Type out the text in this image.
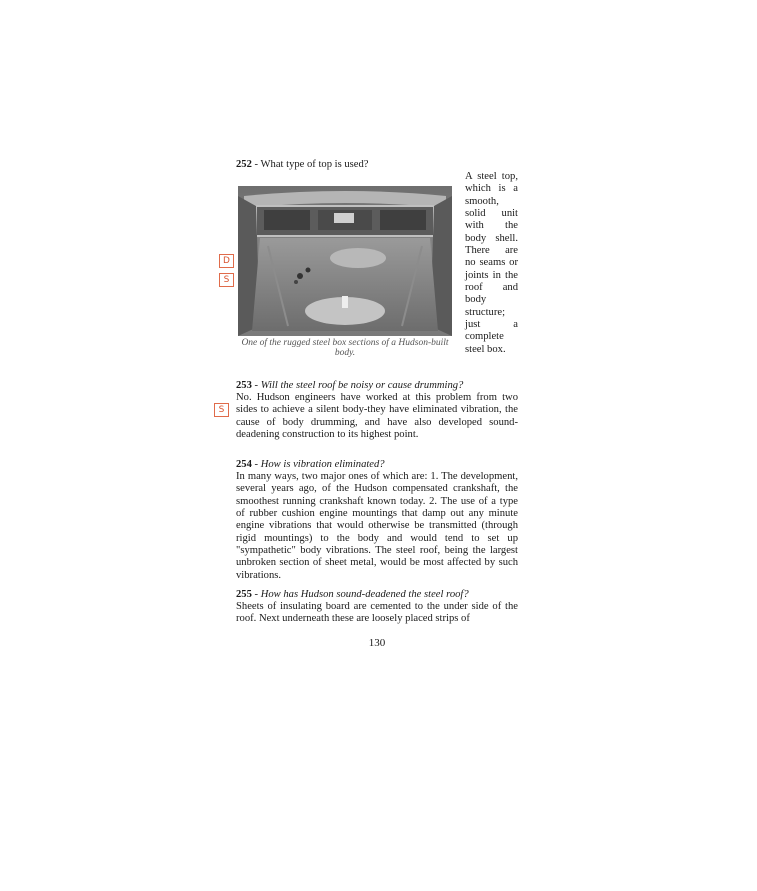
252 - What type of top is used?

One of the rugged steel box sections of a Hudson-built body.
A steel top, which is a smooth, solid unit with the body shell. There are no seams or joints in the roof and body structure; just a complete steel box.

253 - Will the steel roof be noisy or cause drumming?

No. Hudson engineers have worked at this problem from two sides to achieve a silent body-they have eliminated vibration, the cause of body drumming, and have also developed sound-deadening construction to its highest point.

254 - How is vibration eliminated?

In many ways, two major ones of which are: 1. The development, several years ago, of the Hudson compensated crankshaft, the smoothest running crankshaft known today. 2. The use of a type of rubber cushion engine mountings that damp out any minute engine vibrations that would otherwise be transmitted (through rigid mountings) to the body and would tend to set up "sympathetic" body vibrations. The steel roof, being the largest unbroken section of sheet metal, would be most affected by such vibrations.

255 - How has Hudson sound-deadened the steel roof?

Sheets of insulating board are cemented to the under side of the roof. Next underneath these are loosely placed strips of

D
S
S
130
